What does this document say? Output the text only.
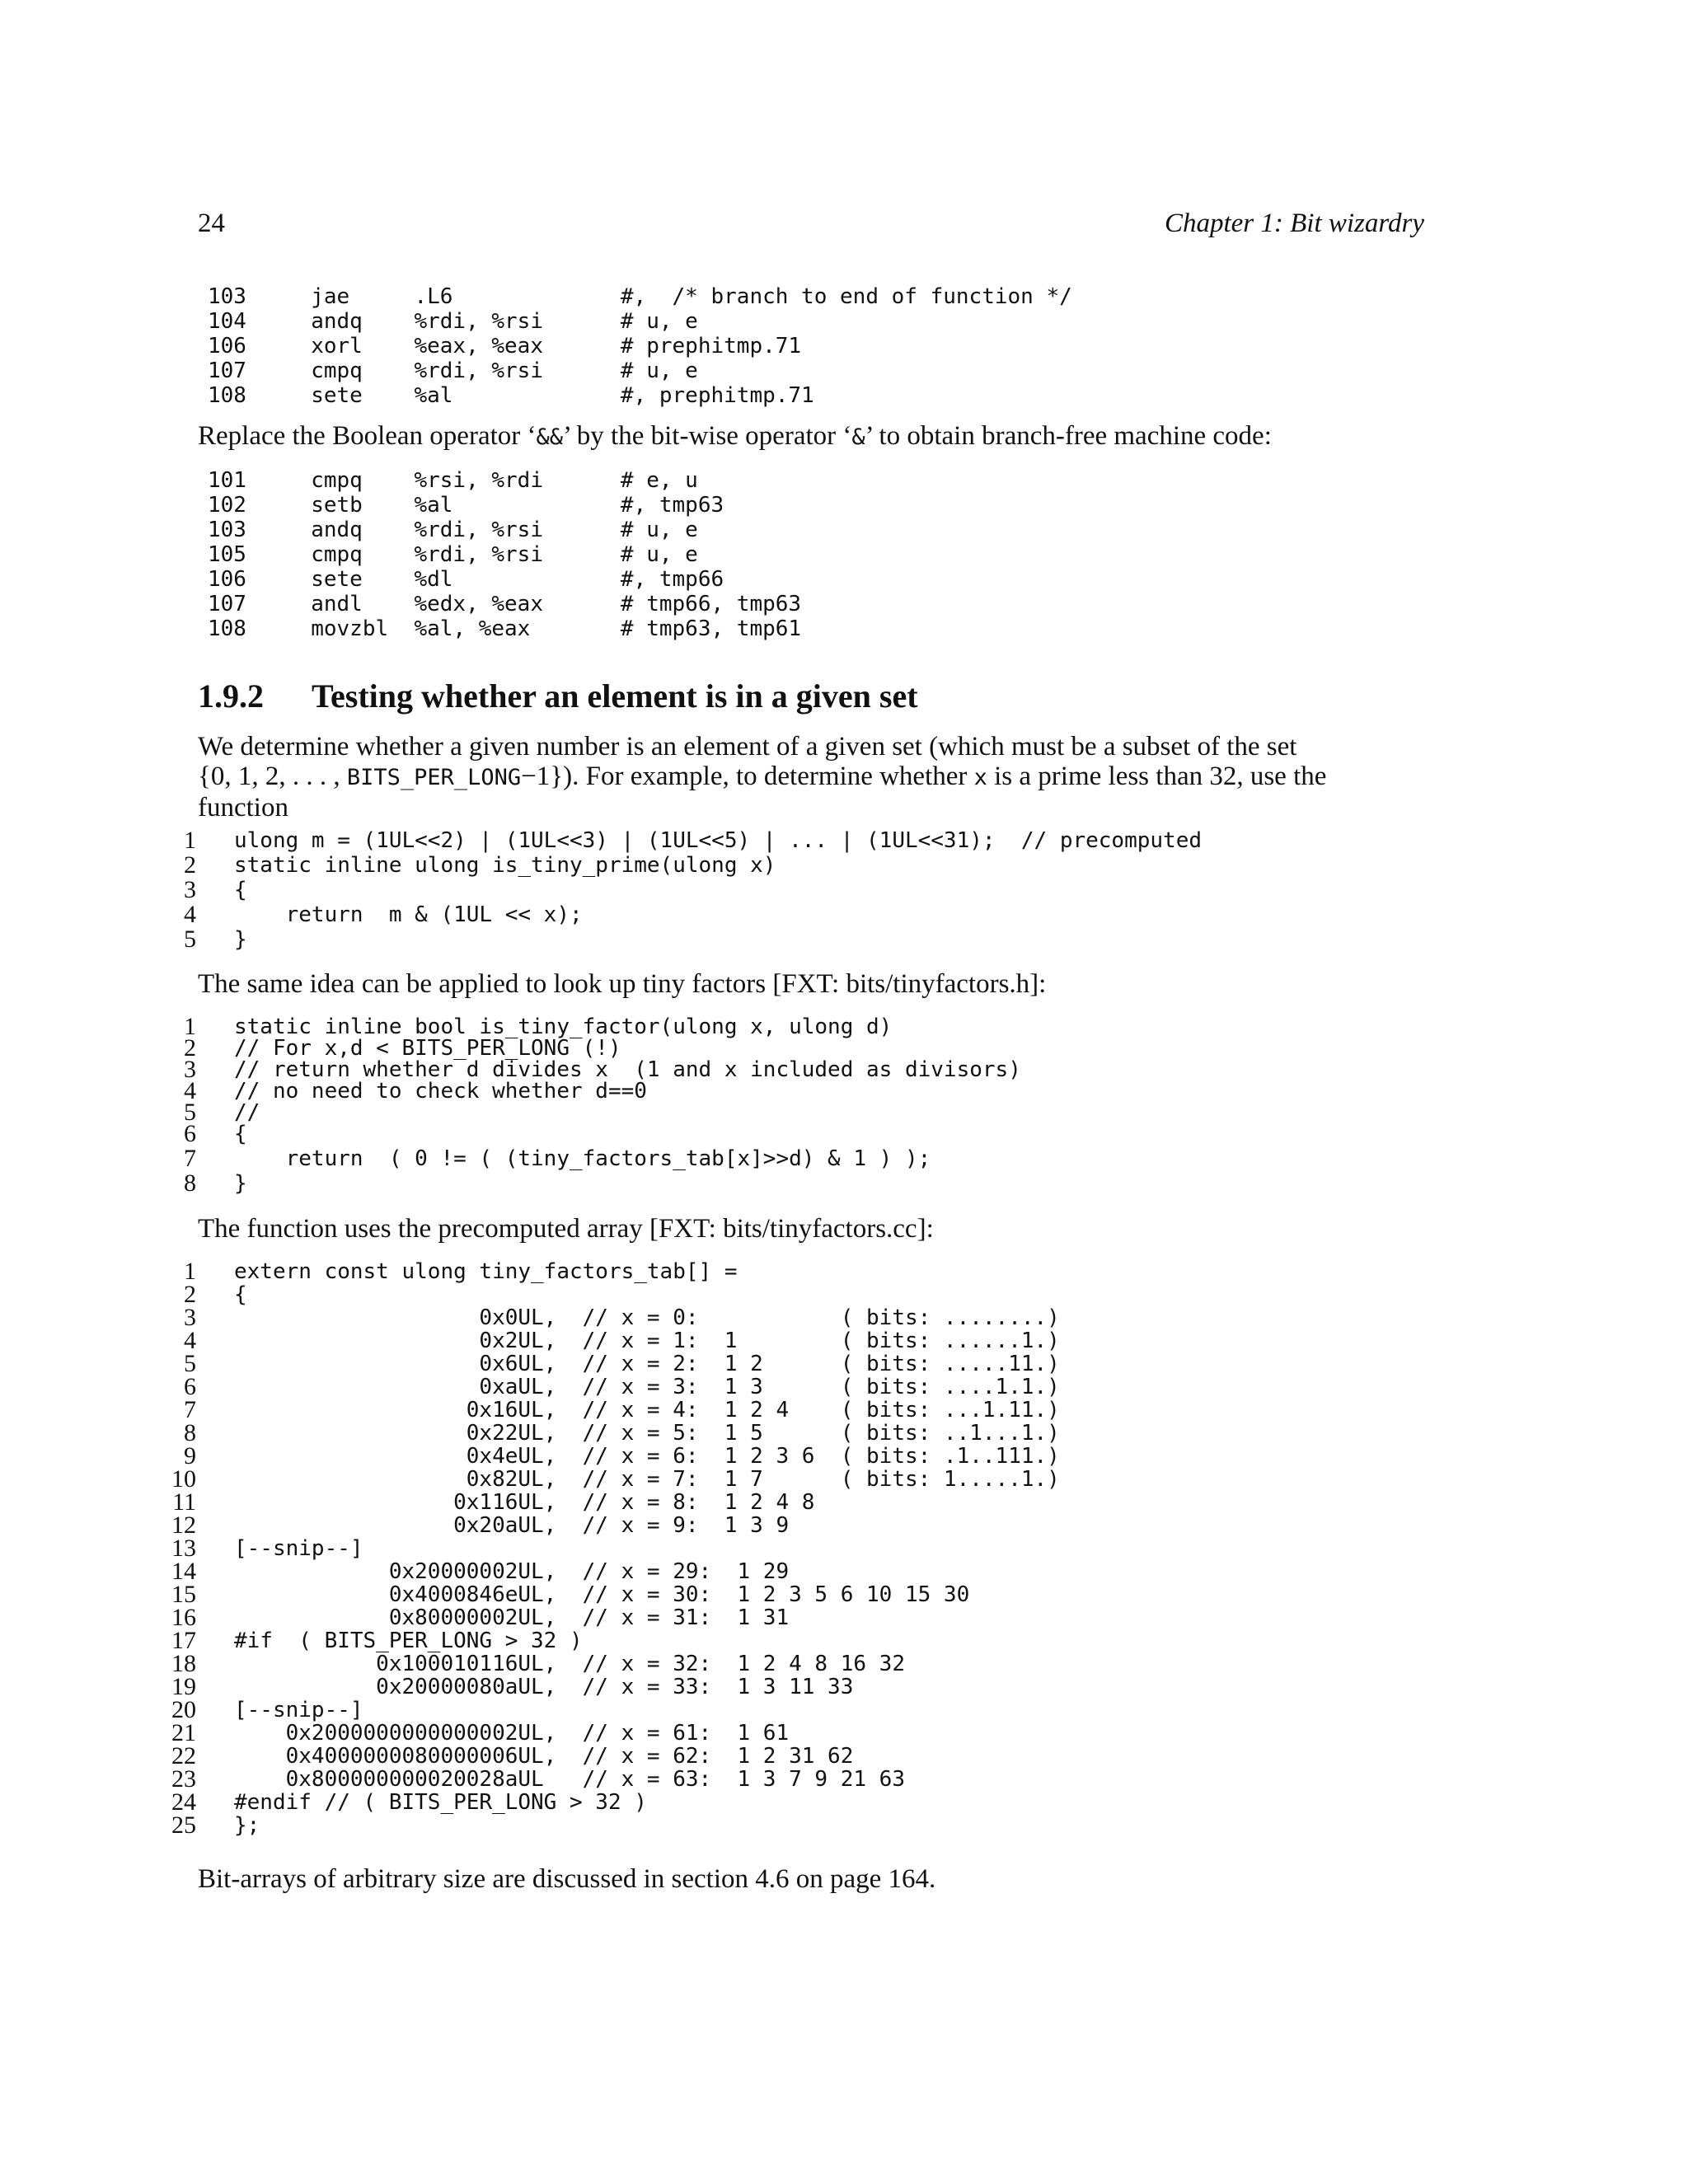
24	Chapter 1: Bit wizardry
103     jae     .L6             #,  /* branch to end of function */
104     andq    %rdi, %rsi      # u, e
106     xorl    %eax, %eax      # prephitmp.71
107     cmpq    %rdi, %rsi      # u, e
108     sete    %al             #, prephitmp.71
Replace the Boolean operator ‘&&’ by the bit-wise operator ‘&’ to obtain branch-free machine code:
101     cmpq    %rsi, %rdi      # e, u
102     setb    %al             #, tmp63
103     andq    %rdi, %rsi      # u, e
105     cmpq    %rdi, %rsi      # u, e
106     sete    %dl             #, tmp66
107     andl    %edx, %eax      # tmp66, tmp63
108     movzbl  %al, %eax       # tmp63, tmp61
1.9.2 Testing whether an element is in a given set
We determine whether a given number is an element of a given set (which must be a subset of the set
{0, 1, 2, . . . , BITS_PER_LONG−1}). For example, to determine whether x is a prime less than 32, use the
function
1 ulong m = (1UL<<2) | (1UL<<3) | (1UL<<5) | ... | (1UL<<31);  // precomputed
2 static inline ulong is_tiny_prime(ulong x)
3 {
4 return  m & (1UL << x);
5 }
The same idea can be applied to look up tiny factors [FXT: bits/tinyfactors.h]:
1 static inline bool is_tiny_factor(ulong x, ulong d)
2 // For x,d < BITS_PER_LONG (!)
3 // return whether d divides x  (1 and x included as divisors)
4 // no need to check whether d==0
5 //
6 {
7 return  ( 0 != ( (tiny_factors_tab[x]>>d) & 1 ) );
8 }
The function uses the precomputed array [FXT: bits/tinyfactors.cc]:
1 extern const ulong tiny_factors_tab[] =
2 {
3 0x0UL,  // x = 0:           ( bits: ........)
4 0x2UL,  // x = 1:  1        ( bits: ......1.)
5 0x6UL,  // x = 2:  1 2      ( bits: .....11.)
6 0xaUL,  // x = 3:  1 3      ( bits: ....1.1.)
7 0x16UL,  // x = 4:  1 2 4    ( bits: ...1.11.)
8 0x22UL,  // x = 5:  1 5      ( bits: ..1...1.)
9 0x4eUL,  // x = 6:  1 2 3 6  ( bits: .1..111.)
10 0x82UL,  // x = 7:  1 7      ( bits: 1.....1.)
11 0x116UL,  // x = 8:  1 2 4 8
12 0x20aUL,  // x = 9:  1 3 9
13 [--snip--]
14 0x20000002UL,  // x = 29:  1 29
15 0x4000846eUL,  // x = 30:  1 2 3 5 6 10 15 30
16 0x80000002UL,  // x = 31:  1 31
17 #if  ( BITS_PER_LONG > 32 )
18 0x100010116UL,  // x = 32:  1 2 4 8 16 32
19 0x20000080aUL,  // x = 33:  1 3 11 33
20 [--snip--]
21 0x2000000000000002UL,  // x = 61:  1 61
22 0x4000000080000006UL,  // x = 62:  1 2 31 62
23 0x800000000020028aUL   // x = 63:  1 3 7 9 21 63
24 #endif // ( BITS_PER_LONG > 32 )
25 };
Bit-arrays of arbitrary size are discussed in section 4.6 on page 164.
